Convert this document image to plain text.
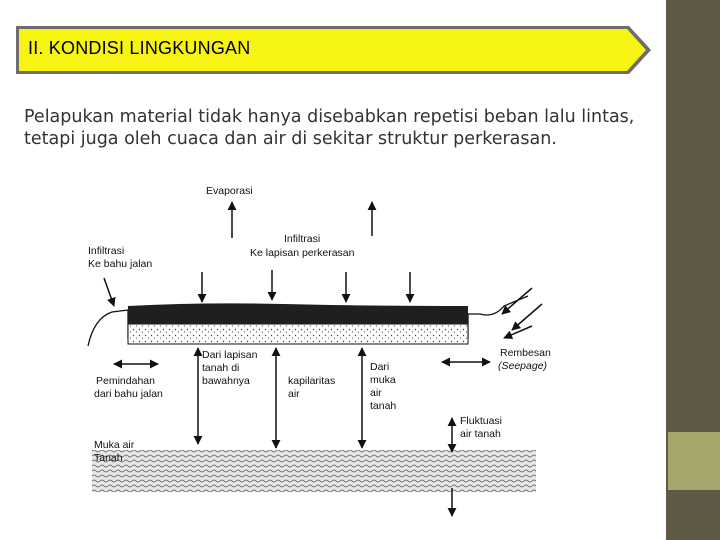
II. KONDISI LINGKUNGAN
Pelapukan material tidak hanya disebabkan repetisi beban lalu lintas,
tetapi juga oleh cuaca dan air di sekitar struktur perkerasan.
Evaporasi
Infiltrasi
Ke bahu jalan
Infiltrasi
Ke lapisan perkerasan
Dari lapisan
tanah di
bawahnya	kapilaritas
air
Dari
muka
air
tanah
Rembesan
(Seepage)
Pemindahan
dari bahu jalan
Fluktuasi
air tanah
Muka air
Tanah
